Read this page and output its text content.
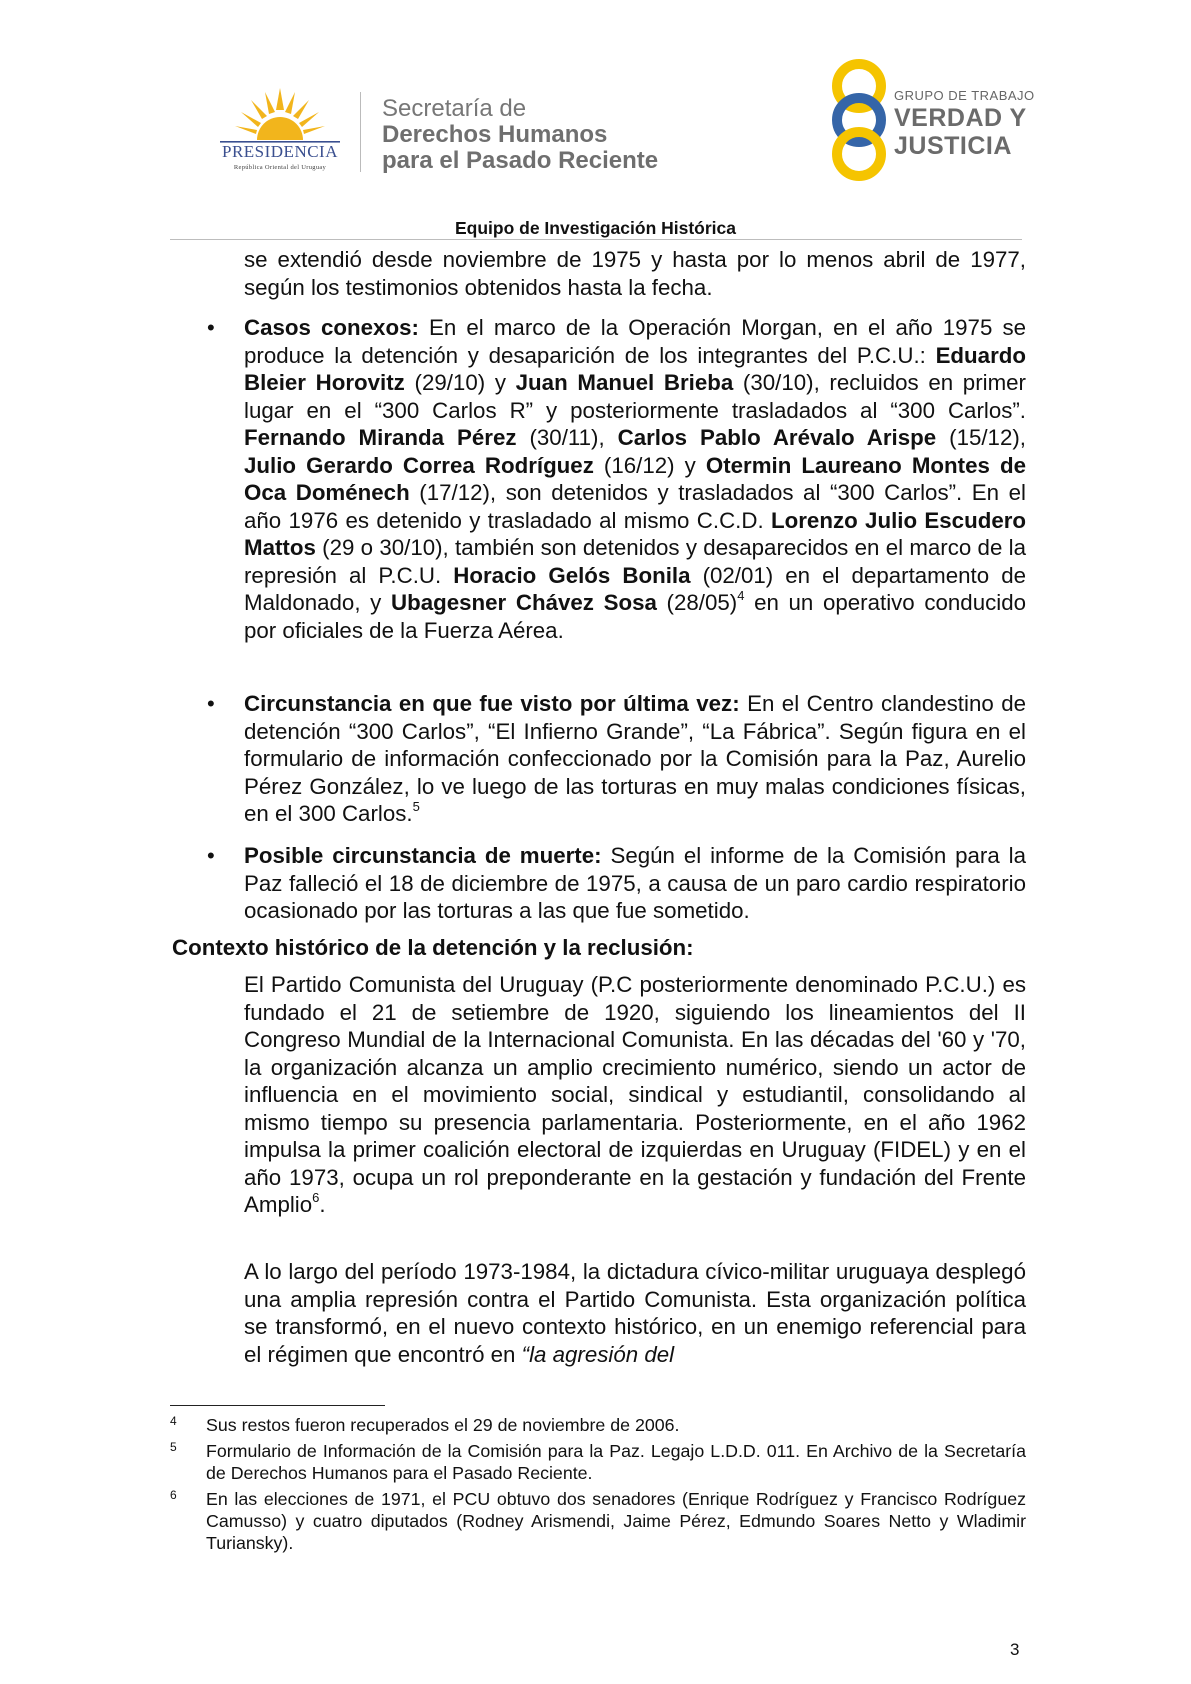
PRESIDENCIA
República Oriental del Uruguay
Secretaría de
Derechos Humanos
para el Pasado Reciente
GRUPO DE TRABAJO
VERDAD Y
JUSTICIA
Equipo de Investigación Histórica
se extendió desde noviembre de 1975 y hasta por lo menos abril de 1977, según los testimonios obtenidos hasta la fecha.
• Casos conexos: En el marco de la Operación Morgan, en el año 1975 se produce la detención y desaparición de los integrantes del P.C.U.: Eduardo Bleier Horovitz (29/10) y Juan Manuel Brieba (30/10), recluidos en primer lugar en el “300 Carlos R” y posteriormente trasladados al “300 Carlos”. Fernando Miranda Pérez (30/11), Carlos Pablo Arévalo Arispe (15/12), Julio Gerardo Correa Rodríguez (16/12) y Otermin Laureano Montes de Oca Doménech (17/12), son detenidos y trasladados al “300 Carlos”. En el año 1976 es detenido y trasladado al mismo C.C.D. Lorenzo Julio Escudero Mattos (29 o 30/10), también son detenidos y desaparecidos en el marco de la represión al P.C.U. Horacio Gelós Bonila (02/01) en el departamento de Maldonado, y Ubagesner Chávez Sosa $(28/05)^4$ en un operativo conducido por oficiales de la Fuerza Aérea.
• Circunstancia en que fue visto por última vez: En el Centro clandestino de detención “300 Carlos”, “El Infierno Grande”, “La Fábrica”. Según figura en el formulario de información confeccionado por la Comisión para la Paz, Aurelio Pérez González, lo ve luego de las torturas en muy malas condiciones físicas, en el 300 Carlos.$^5$
• Posible circunstancia de muerte: Según el informe de la Comisión para la Paz falleció el 18 de diciembre de 1975, a causa de un paro cardio respiratorio ocasionado por las torturas a las que fue sometido.
Contexto histórico de la detención y la reclusión:
El Partido Comunista del Uruguay (P.C posteriormente denominado P.C.U.) es fundado el 21 de setiembre de 1920, siguiendo los lineamientos del II Congreso Mundial de la Internacional Comunista. En las décadas del '60 y '70, la organización alcanza un amplio crecimiento numérico, siendo un actor de influencia en el movimiento social, sindical y estudiantil, consolidando al mismo tiempo su presencia parlamentaria. Posteriormente, en el año 1962 impulsa la primer coalición electoral de izquierdas en Uruguay (FIDEL) y en el año 1973, ocupa un rol preponderante en la gestación y fundación del Frente Amplio$^6$.
A lo largo del período 1973-1984, la dictadura cívico-militar uruguaya desplegó una amplia represión contra el Partido Comunista. Esta organización política se transformó, en el nuevo contexto histórico, en un enemigo referencial para el régimen que encontró en “la agresión del
4 Sus restos fueron recuperados el 29 de noviembre de 2006.
5 Formulario de Información de la Comisión para la Paz. Legajo L.D.D. 011. En Archivo de la Secretaría de Derechos Humanos para el Pasado Reciente.
6 En las elecciones de 1971, el PCU obtuvo dos senadores (Enrique Rodríguez y Francisco Rodríguez Camusso) y cuatro diputados (Rodney Arismendi, Jaime Pérez, Edmundo Soares Netto y Wladimir Turiansky).
3
